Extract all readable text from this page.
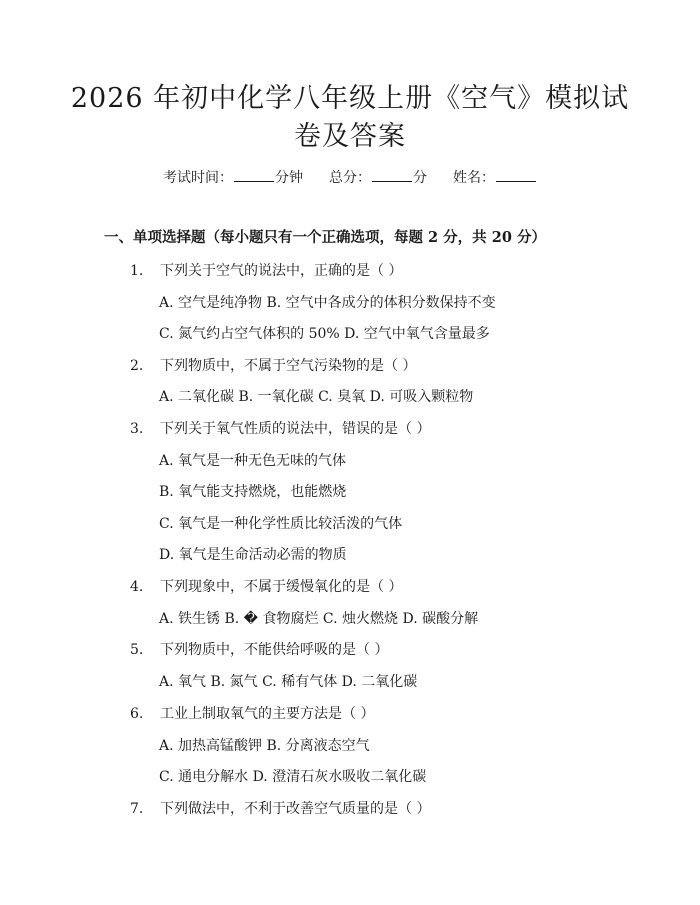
2026 年初中化学八年级上册《空气》模拟试
卷及答案
考试时间：	分钟 总分：	分 姓名：
一、单项选择题（每小题只有一个正确选项，每题 2 分，共 20 分）
1.	下列关于空气的说法中，正确的是（ ）
A. 空气是纯净物 B. 空气中各成分的体积分数保持不变
C. 氮气约占空气体积的 50% D. 空气中氧气含量最多
2.	下列物质中，不属于空气污染物的是（ ）
A. 二氧化碳 B. 一氧化碳 C. 臭氧 D. 可吸入颗粒物
3.	下列关于氧气性质的说法中，错误的是（ ）
A. 氧气是一种无色无味的气体
B. 氧气能支持燃烧，也能燃烧
C. 氧气是一种化学性质比较活泼的气体
D. 氧气是生命活动必需的物质
4.	下列现象中，不属于缓慢氧化的是（ ）
A. 铁生锈 B. � 食物腐烂 C. 烛火燃烧 D. 碳酸分解
5.	下列物质中，不能供给呼吸的是（ ）
A. 氧气 B. 氮气 C. 稀有气体 D. 二氧化碳
6.	工业上制取氧气的主要方法是（ ）
A. 加热高锰酸钾 B. 分离液态空气
C. 通电分解水 D. 澄清石灰水吸收二氧化碳
7.	下列做法中，不利于改善空气质量的是（ ）
